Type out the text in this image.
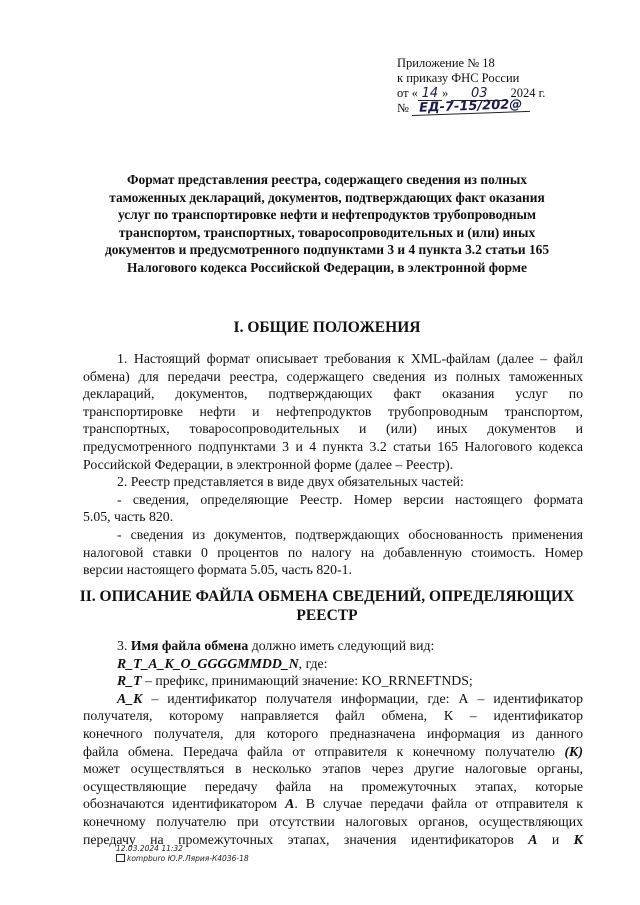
Приложение № 18
к приказу ФНС России
от « 14 » 03 2024 г.
№ ЕД-7-15/202@
Формат представления реестра, содержащего сведения из полных
таможенных деклараций, документов, подтверждающих факт оказания
услуг по транспортировке нефти и нефтепродуктов трубопроводным
транспортом, транспортных, товаросопроводительных и (или) иных
документов и предусмотренного подпунктами 3 и 4 пункта 3.2 статьи 165
Налогового кодекса Российской Федерации, в электронной форме
I. ОБЩИЕ ПОЛОЖЕНИЯ
1. Настоящий формат описывает требования к XML-файлам (далее – файл
обмена) для передачи реестра, содержащего сведения из полных таможенных
деклараций, документов, подтверждающих факт оказания услуг по
транспортировке нефти и нефтепродуктов трубопроводным транспортом,
транспортных, товаросопроводительных и (или) иных документов и
предусмотренного подпунктами 3 и 4 пункта 3.2 статьи 165 Налогового кодекса
Российской Федерации, в электронной форме (далее – Реестр).
2. Реестр представляется в виде двух обязательных частей:
- сведения, определяющие Реестр. Номер версии настоящего формата
5.05, часть 820.
- сведения из документов, подтверждающих обоснованность применения
налоговой ставки 0 процентов по налогу на добавленную стоимость. Номер
версии настоящего формата 5.05, часть 820-1.
II. ОПИСАНИЕ ФАЙЛА ОБМЕНА СВЕДЕНИЙ, ОПРЕДЕЛЯЮЩИХ
РЕЕСТР
3. Имя файла обмена должно иметь следующий вид:
R_T_A_K_O_GGGGMMDD_N, где:
R_T – префикс, принимающий значение: KO_RRNEFTNDS;
A_K – идентификатор получателя информации, где: А – идентификатор
получателя, которому направляется файл обмена, К – идентификатор
конечного получателя, для которого предназначена информация из данного
файла обмена. Передача файла от отправителя к конечному получателю (К)
может осуществляться в несколько этапов через другие налоговые органы,
осуществляющие передачу файла на промежуточных этапах, которые
обозначаются идентификатором А. В случае передачи файла от отправителя к
конечному получателю при отсутствии налоговых органов, осуществляющих
передачу на промежуточных этапах, значения идентификаторов А и К
12.03.2024 11:32
kompburo Ю.Р.Лярия-К4036-18
